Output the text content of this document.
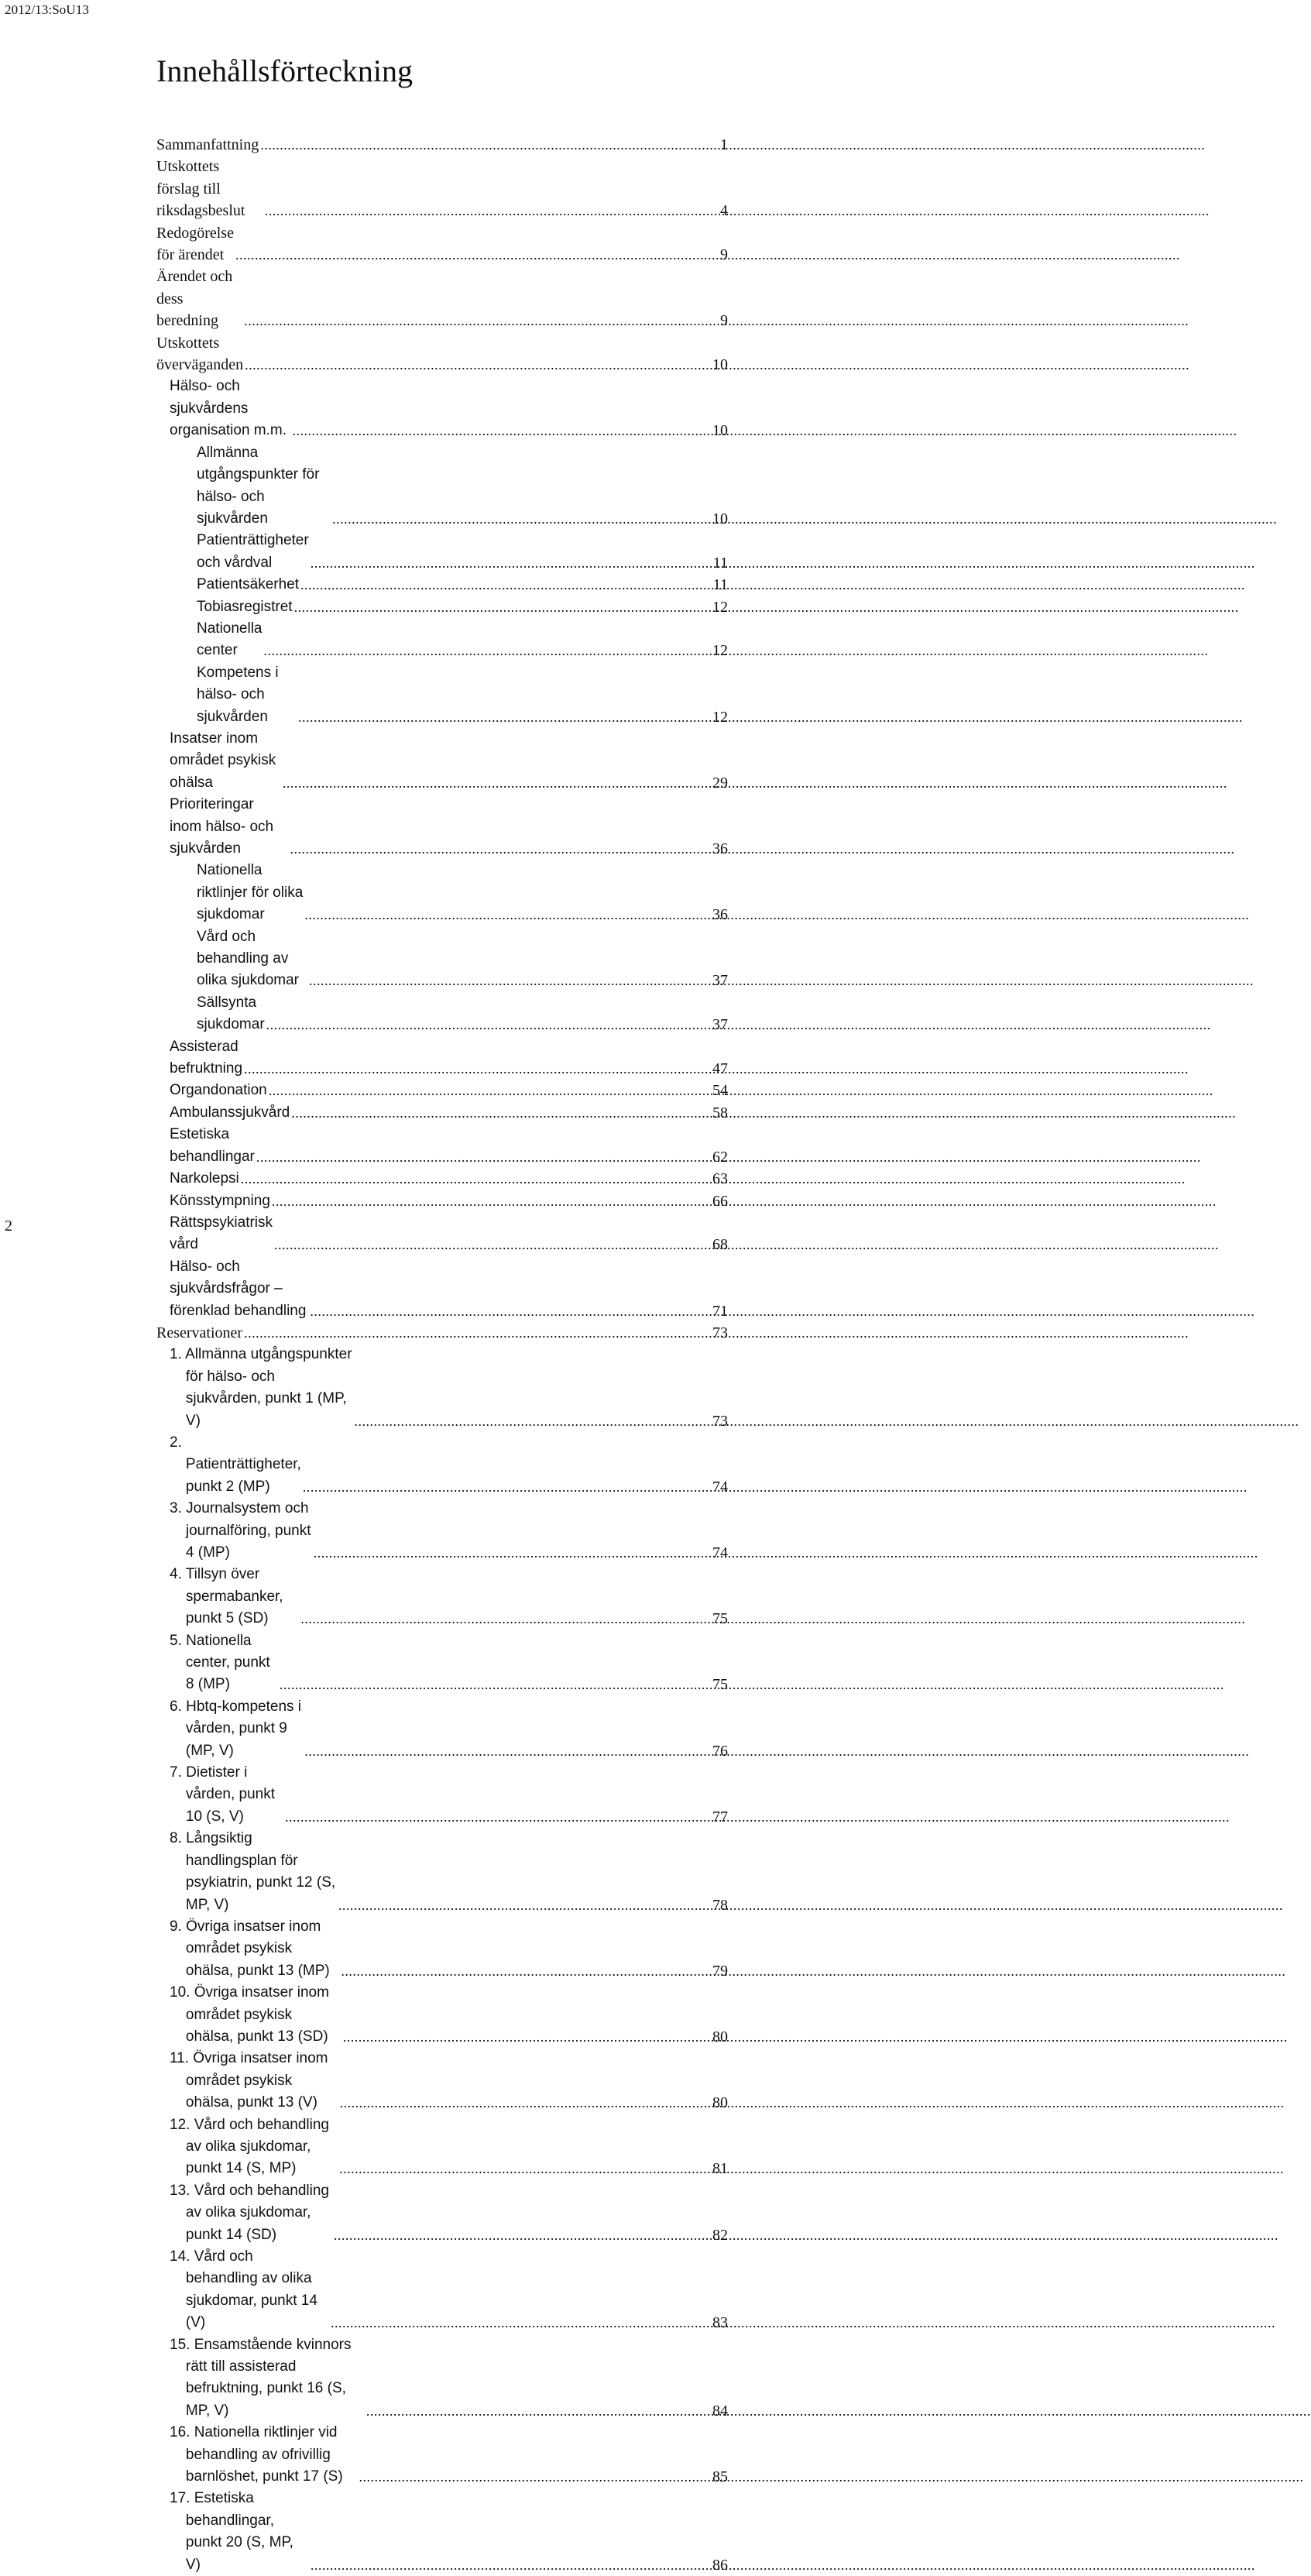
2012/13:SoU13
Innehållsförteckning
Sammanfattning .....	1
Utskottets förslag till riksdagsbeslut .....	4
Redogörelse för ärendet .....	9
Ärendet och dess beredning .....	9
Utskottets överväganden .....	10
Hälso- och sjukvårdens organisation m.m. .....	10
Allmänna utgångspunkter för hälso- och sjukvården .....	10
Patienträttigheter och vårdval .....	11
Patientsäkerhet .....	11
Tobiasregistret .....	12
Nationella center .....	12
Kompetens i hälso- och sjukvården .....	12
Insatser inom området psykisk ohälsa .....	29
Prioriteringar inom hälso- och sjukvården .....	36
Nationella riktlinjer för olika sjukdomar .....	36
Vård och behandling av olika sjukdomar .....	37
Sällsynta sjukdomar .....	37
Assisterad befruktning .....	47
Organdonation .....	54
Ambulanssjukvård .....	58
Estetiska behandlingar .....	62
Narkolepsi .....	63
Könsstympning .....	66
Rättspsykiatrisk vård .....	68
Hälso- och sjukvårdsfrågor – förenklad behandling .....	71
Reservationer .....	73
1. Allmänna utgångspunkter för hälso- och sjukvården, punkt 1 (MP, V) .....	73
2. Patienträttigheter, punkt 2 (MP) .....	74
3. Journalsystem och journalföring, punkt 4 (MP) .....	74
4. Tillsyn över spermabanker, punkt 5 (SD) .....	75
5. Nationella center, punkt 8 (MP) .....	75
6. Hbtq-kompetens i vården, punkt 9 (MP, V) .....	76
7. Dietister i vården, punkt 10 (S, V) .....	77
8. Långsiktig handlingsplan för psykiatrin, punkt 12 (S, MP, V) .....	78
9. Övriga insatser inom området psykisk ohälsa, punkt 13 (MP) .....	79
10. Övriga insatser inom området psykisk ohälsa, punkt 13 (SD) .....	80
11. Övriga insatser inom området psykisk ohälsa, punkt 13 (V) .....	80
12. Vård och behandling av olika sjukdomar, punkt 14 (S, MP) .....	81
13. Vård och behandling av olika sjukdomar, punkt 14 (SD) .....	82
14. Vård och behandling av olika sjukdomar, punkt 14 (V) .....	83
15. Ensamstående kvinnors rätt till assisterad befruktning, punkt 16 (S, MP, V) .....	84
16. Nationella riktlinjer vid behandling av ofrivillig barnlöshet, punkt 17 (S) .....	85
17. Estetiska behandlingar, punkt 20 (S, MP, V) .....	86
2
